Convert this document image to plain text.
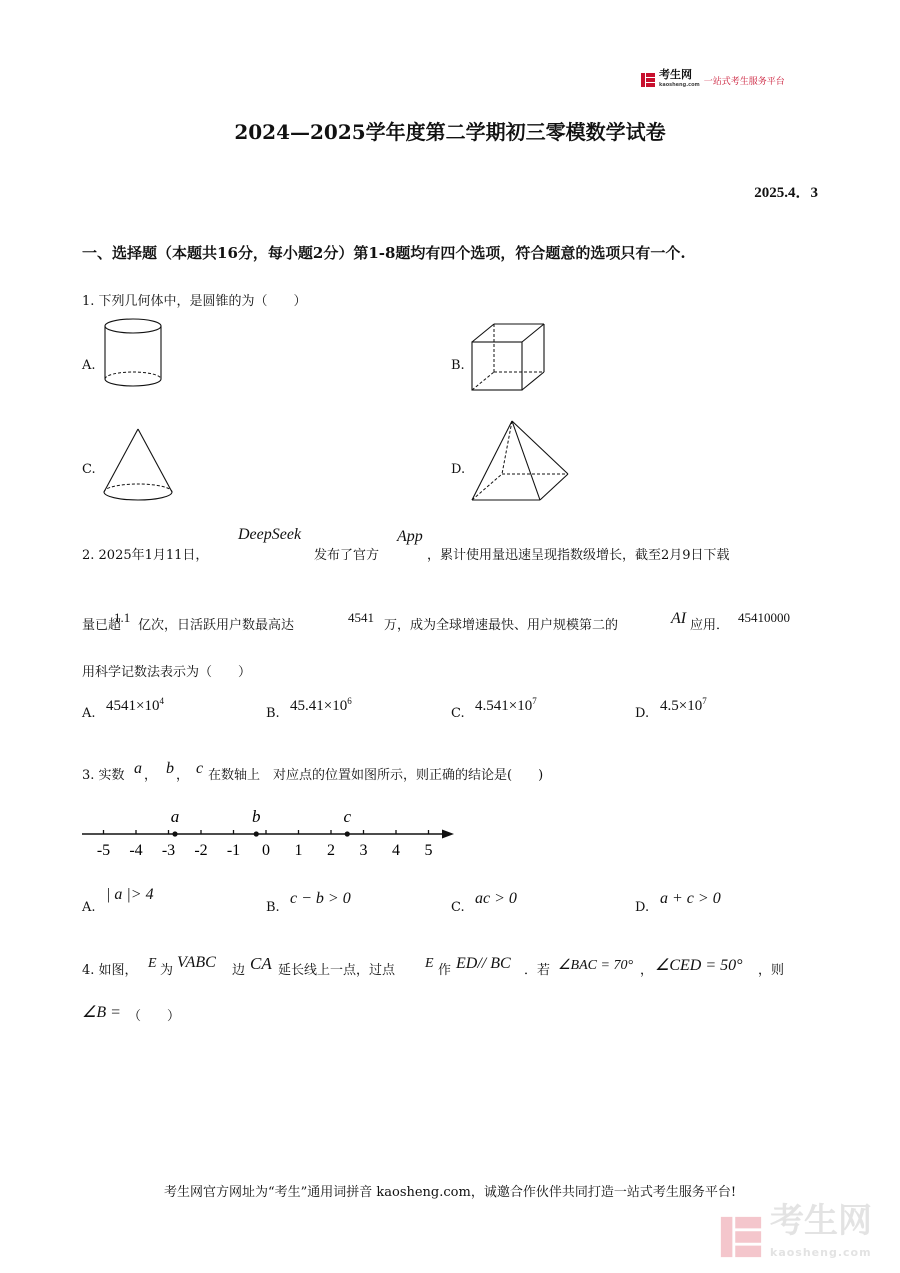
考生网
kaosheng.com 一站式考生服务平台
2024—2025学年度第二学期初三零模数学试卷
2025.4．3
一、选择题（本题共16分，每小题2分）第1-8题均有四个选项，符合题意的选项只有一个.
1. 下列几何体中，是圆锥的为（　　）
A.	B.
C.	D.
2. 2025年1月11日，
DeepSeek
发布了官方
App
，累计使用量迅速呈现指数级增长，截至2月9日下载
量已超
1.1
亿次，日活跃用户数最高达
4541
万，成为全球增速最快、用户规模第二的	AI 应用．
45410000
用科学记数法表示为（　　）
A. $4541\times 10^4$
B. $45.41\times 10^6$
C. $4.541\times 10^7$
D. $4.5\times 10^7$
3. 实数 a ， b ， c 在数轴上　对应点的位置如图所示，则正确的结论是(　　)
-5 -4 -3 -2 -1 0 1 2 3 4 5
a	b	c
A.
| a |> 4
B.
c − b > 0
C.
ac > 0
D.
a + c > 0
4. 如图， E 为 VABC 边 CA 延长线上一点，过点 E 作 ED// BC ．若 ∠BAC = 70° ， ∠CED = 50° ，则
∠B = （　　）
考生网官方网址为“考生”通用词拼音 kaosheng.com，诚邀合作伙伴共同打造一站式考生服务平台!
考生网
kaosheng.com
